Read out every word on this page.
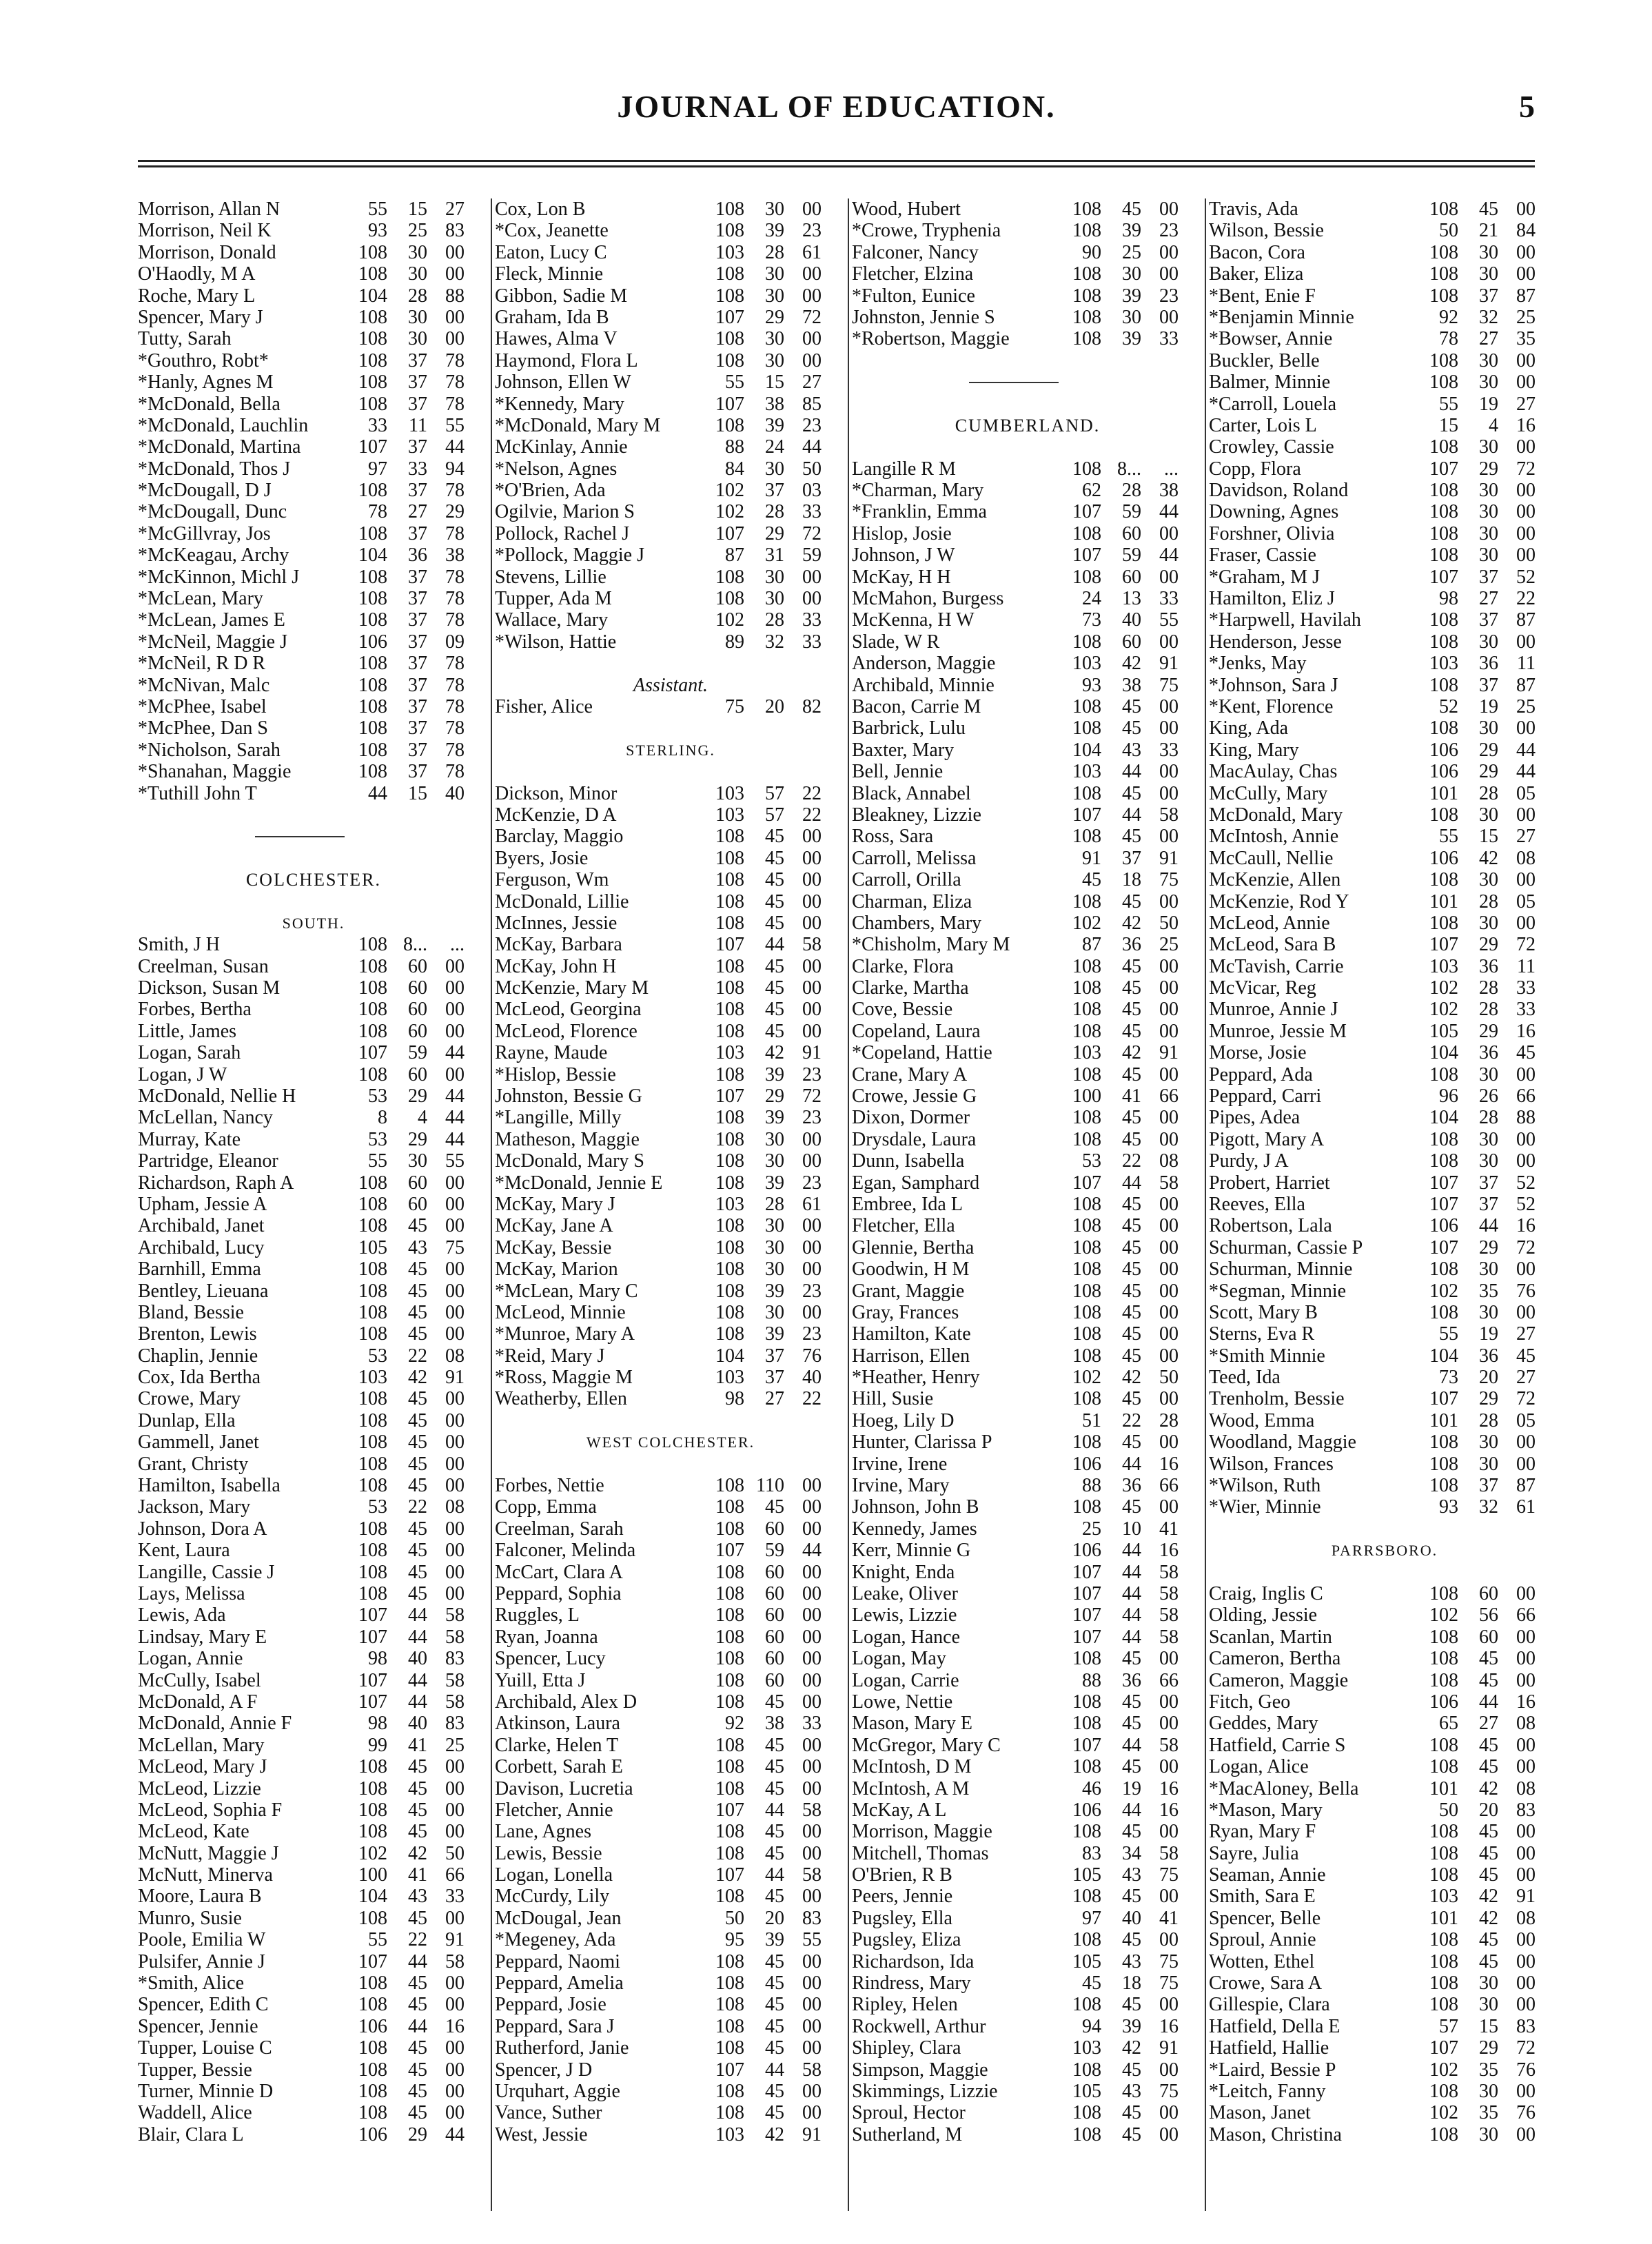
JOURNAL OF EDUCATION.	5
Morrison, Allan N	55	15 27
Morrison, Neil K	93	25 83
Morrison, Donald	108	30 00
O'Haodly, M A	108	30 00
Roche, Mary L	104	28 88
Spencer, Mary J	108	30 00
Tutty, Sarah	108	30 00
*Gouthro, Robt*	108	37 78
*Hanly, Agnes M	108	37 78
*McDonald, Bella	108	37 78
*McDonald, Lauchlin	33	11 55
*McDonald, Martina	107	37 44
*McDonald, Thos J	97	33 94
*McDougall, D J	108	37 78
*McDougall, Dunc	78	27 29
*McGillvray, Jos	108	37 78
*McKeagau, Archy	104	36 38
*McKinnon, Michl J	108	37 78
*McLean, Mary	108	37 78
*McLean, James E	108	37 78
*McNeil, Maggie J	106	37 09
*McNeil, R D R	108	37 78
*McNivan, Malc	108	37 78
*McPhee, Isabel	108	37 78
*McPhee, Dan S	108	37 78
*Nicholson, Sarah	108	37 78
*Shanahan, Maggie	108	37 78
*Tuthill John T	44	15 40
COLCHESTER.
SOUTH.
Smith, J H	108 8...	...
Creelman, Susan	108	60 00
Dickson, Susan M	108	60 00
Forbes, Bertha	108	60 00
Little, James	108	60 00
Logan, Sarah	107	59 44
Logan, J W	108	60 00
McDonald, Nellie H	53	29 44
McLellan, Nancy	8	4 44
Murray, Kate	53	29 44
Partridge, Eleanor	55	30 55
Richardson, Raph A	108	60 00
Upham, Jessie A	108	60 00
Archibald, Janet	108	45 00
Archibald, Lucy	105	43 75
Barnhill, Emma	108	45 00
Bentley, Lieuana	108	45 00
Bland, Bessie	108	45 00
Brenton, Lewis	108	45 00
Chaplin, Jennie	53	22 08
Cox, Ida Bertha	103	42 91
Crowe, Mary	108	45 00
Dunlap, Ella	108	45 00
Gammell, Janet	108	45 00
Grant, Christy	108	45 00
Hamilton, Isabella	108	45 00
Jackson, Mary	53	22 08
Johnson, Dora A	108	45 00
Kent, Laura	108	45 00
Langille, Cassie J	108	45 00
Lays, Melissa	108	45 00
Lewis, Ada	107	44 58
Lindsay, Mary E	107	44 58
Logan, Annie	98	40 83
McCully, Isabel	107	44 58
McDonald, A F	107	44 58
McDonald, Annie F	98	40 83
McLellan, Mary	99	41 25
McLeod, Mary J	108	45 00
McLeod, Lizzie	108	45 00
McLeod, Sophia F	108	45 00
McLeod, Kate	108	45 00
McNutt, Maggie J	102	42 50
McNutt, Minerva	100	41 66
Moore, Laura B	104	43 33
Munro, Susie	108	45 00
Poole, Emilia W	55	22 91
Pulsifer, Annie J	107	44 58
*Smith, Alice	108	45 00
Spencer, Edith C	108	45 00
Spencer, Jennie	106	44 16
Tupper, Louise C	108	45 00
Tupper, Bessie	108	45 00
Turner, Minnie D	108	45 00
Waddell, Alice	108	45 00
Blair, Clara L	106	29 44
Cox, Lon B	108	30 00
*Cox, Jeanette	108	39 23
Eaton, Lucy C	103	28 61
Fleck, Minnie	108	30 00
Gibbon, Sadie M	108	30 00
Graham, Ida B	107	29 72
Hawes, Alma V	108	30 00
Haymond, Flora L	108	30 00
Johnson, Ellen W	55	15 27
*Kennedy, Mary	107	38 85
*McDonald, Mary M	108	39 23
McKinlay, Annie	88	24 44
*Nelson, Agnes	84	30 50
*O'Brien, Ada	102	37 03
Ogilvie, Marion S	102	28 33
Pollock, Rachel J	107	29 72
*Pollock, Maggie J	87	31 59
Stevens, Lillie	108	30 00
Tupper, Ada M	108	30 00
Wallace, Mary	102	28 33
*Wilson, Hattie	89	32 33
Assistant.
Fisher, Alice	75	20 82
STERLING.
Dickson, Minor	103	57 22
McKenzie, D A	103	57 22
Barclay, Maggio	108	45 00
Byers, Josie	108	45 00
Ferguson, Wm	108	45 00
McDonald, Lillie	108	45 00
McInnes, Jessie	108	45 00
McKay, Barbara	107	44 58
McKay, John H	108	45 00
McKenzie, Mary M	108	45 00
McLeod, Georgina	108	45 00
McLeod, Florence	108	45 00
Rayne, Maude	103	42 91
*Hislop, Bessie	108	39 23
Johnston, Bessie G	107	29 72
*Langille, Milly	108	39 23
Matheson, Maggie	108	30 00
McDonald, Mary S	108	30 00
*McDonald, Jennie E	108	39 23
McKay, Mary J	103	28 61
McKay, Jane A	108	30 00
McKay, Bessie	108	30 00
McKay, Marion	108	30 00
*McLean, Mary C	108	39 23
McLeod, Minnie	108	30 00
*Munroe, Mary A	108	39 23
*Reid, Mary J	104	37 76
*Ross, Maggie M	103	37 40
Weatherby, Ellen	98	27 22
WEST COLCHESTER.
Forbes, Nettie	108 110 00
Copp, Emma	108	45 00
Creelman, Sarah	108	60 00
Falconer, Melinda	107	59 44
McCart, Clara A	108	60 00
Peppard, Sophia	108	60 00
Ruggles, L	108	60 00
Ryan, Joanna	108	60 00
Spencer, Lucy	108	60 00
Yuill, Etta J	108	60 00
Archibald, Alex D	108	45 00
Atkinson, Laura	92	38 33
Clarke, Helen T	108	45 00
Corbett, Sarah E	108	45 00
Davison, Lucretia	108	45 00
Fletcher, Annie	107	44 58
Lane, Agnes	108	45 00
Lewis, Bessie	108	45 00
Logan, Lonella	107	44 58
McCurdy, Lily	108	45 00
McDougal, Jean	50	20 83
*Megeney, Ada	95	39 55
Peppard, Naomi	108	45 00
Peppard, Amelia	108	45 00
Peppard, Josie	108	45 00
Peppard, Sara J	108	45 00
Rutherford, Janie	108	45 00
Spencer, J D	107	44 58
Urquhart, Aggie	108	45 00
Vance, Suther	108	45 00
West, Jessie	103	42 91
Wood, Hubert	108	45 00
*Crowe, Tryphenia	108	39 23
Falconer, Nancy	90	25 00
Fletcher, Elzina	108	30 00
*Fulton, Eunice	108	39 23
Johnston, Jennie S	108	30 00
*Robertson, Maggie	108	39 33
CUMBERLAND.
Langille R M	108 8...	...
*Charman, Mary	62	28 38
*Franklin, Emma	107	59 44
Hislop, Josie	108	60 00
Johnson, J W	107	59 44
McKay, H H	108	60 00
McMahon, Burgess	24	13 33
McKenna, H W	73	40 55
Slade, W R	108	60 00
Anderson, Maggie	103	42 91
Archibald, Minnie	93	38 75
Bacon, Carrie M	108	45 00
Barbrick, Lulu	108	45 00
Baxter, Mary	104	43 33
Bell, Jennie	103	44 00
Black, Annabel	108	45 00
Bleakney, Lizzie	107	44 58
Ross, Sara	108	45 00
Carroll, Melissa	91	37 91
Carroll, Orilla	45	18 75
Charman, Eliza	108	45 00
Chambers, Mary	102	42 50
*Chisholm, Mary M	87	36 25
Clarke, Flora	108	45 00
Clarke, Martha	108	45 00
Cove, Bessie	108	45 00
Copeland, Laura	108	45 00
*Copeland, Hattie	103	42 91
Crane, Mary A	108	45 00
Crowe, Jessie G	100	41 66
Dixon, Dormer	108	45 00
Drysdale, Laura	108	45 00
Dunn, Isabella	53	22 08
Egan, Samphard	107	44 58
Embree, Ida L	108	45 00
Fletcher, Ella	108	45 00
Glennie, Bertha	108	45 00
Goodwin, H M	108	45 00
Grant, Maggie	108	45 00
Gray, Frances	108	45 00
Hamilton, Kate	108	45 00
Harrison, Ellen	108	45 00
*Heather, Henry	102	42 50
Hill, Susie	108	45 00
Hoeg, Lily D	51	22 28
Hunter, Clarissa P	108	45 00
Irvine, Irene	106	44 16
Irvine, Mary	88	36 66
Johnson, John B	108	45 00
Kennedy, James	25	10 41
Kerr, Minnie G	106	44 16
Knight, Enda	107	44 58
Leake, Oliver	107	44 58
Lewis, Lizzie	107	44 58
Logan, Hance	107	44 58
Logan, May	108	45 00
Logan, Carrie	88	36 66
Lowe, Nettie	108	45 00
Mason, Mary E	108	45 00
McGregor, Mary C	107	44 58
McIntosh, D M	108	45 00
McIntosh, A M	46	19 16
McKay, A L	106	44 16
Morrison, Maggie	108	45 00
Mitchell, Thomas	83	34 58
O'Brien, R B	105	43 75
Peers, Jennie	108	45 00
Pugsley, Ella	97	40 41
Pugsley, Eliza	108	45 00
Richardson, Ida	105	43 75
Rindress, Mary	45	18 75
Ripley, Helen	108	45 00
Rockwell, Arthur	94	39 16
Shipley, Clara	103	42 91
Simpson, Maggie	108	45 00
Skimmings, Lizzie	105	43 75
Sproul, Hector	108	45 00
Sutherland, M	108	45 00
Travis, Ada	108	45 00
Wilson, Bessie	50	21 84
Bacon, Cora	108	30 00
Baker, Eliza	108	30 00
*Bent, Enie F	108	37 87
*Benjamin Minnie	92	32 25
*Bowser, Annie	78	27 35
Buckler, Belle	108	30 00
Balmer, Minnie	108	30 00
*Carroll, Louela	55	19 27
Carter, Lois L	15	4 16
Crowley, Cassie	108	30 00
Copp, Flora	107	29 72
Davidson, Roland	108	30 00
Downing, Agnes	108	30 00
Forshner, Olivia	108	30 00
Fraser, Cassie	108	30 00
*Graham, M J	107	37 52
Hamilton, Eliz J	98	27 22
*Harpwell, Havilah	108	37 87
Henderson, Jesse	108	30 00
*Jenks, May	103	36 11
*Johnson, Sara J	108	37 87
*Kent, Florence	52	19 25
King, Ada	108	30 00
King, Mary	106	29 44
MacAulay, Chas	106	29 44
McCully, Mary	101	28 05
McDonald, Mary	108	30 00
McIntosh, Annie	55	15 27
McCaull, Nellie	106	42 08
McKenzie, Allen	108	30 00
McKenzie, Rod Y	101	28 05
McLeod, Annie	108	30 00
McLeod, Sara B	107	29 72
McTavish, Carrie	103	36 11
McVicar, Reg	102	28 33
Munroe, Annie J	102	28 33
Munroe, Jessie M	105	29 16
Morse, Josie	104	36 45
Peppard, Ada	108	30 00
Peppard, Carri	96	26 66
Pipes, Adea	104	28 88
Pigott, Mary A	108	30 00
Purdy, J A	108	30 00
Probert, Harriet	107	37 52
Reeves, Ella	107	37 52
Robertson, Lala	106	44 16
Schurman, Cassie P	107	29 72
Schurman, Minnie	108	30 00
*Segman, Minnie	102	35 76
Scott, Mary B	108	30 00
Sterns, Eva R	55	19 27
*Smith Minnie	104	36 45
Teed, Ida	73	20 27
Trenholm, Bessie	107	29 72
Wood, Emma	101	28 05
Woodland, Maggie	108	30 00
Wilson, Frances	108	30 00
*Wilson, Ruth	108	37 87
*Wier, Minnie	93	32 61
PARRSBORO.
Craig, Inglis C	108	60 00
Olding, Jessie	102	56 66
Scanlan, Martin	108	60 00
Cameron, Bertha	108	45 00
Cameron, Maggie	108	45 00
Fitch, Geo	106	44 16
Geddes, Mary	65	27 08
Hatfield, Carrie S	108	45 00
Logan, Alice	108	45 00
*MacAloney, Bella	101	42 08
*Mason, Mary	50	20 83
Ryan, Mary F	108	45 00
Sayre, Julia	108	45 00
Seaman, Annie	108	45 00
Smith, Sara E	103	42 91
Spencer, Belle	101	42 08
Sproul, Annie	108	45 00
Wotten, Ethel	108	45 00
Crowe, Sara A	108	30 00
Gillespie, Clara	108	30 00
Hatfield, Della E	57	15 83
Hatfield, Hallie	107	29 72
*Laird, Bessie P	102	35 76
*Leitch, Fanny	108	30 00
Mason, Janet	102	35 76
Mason, Christina	108	30 00
